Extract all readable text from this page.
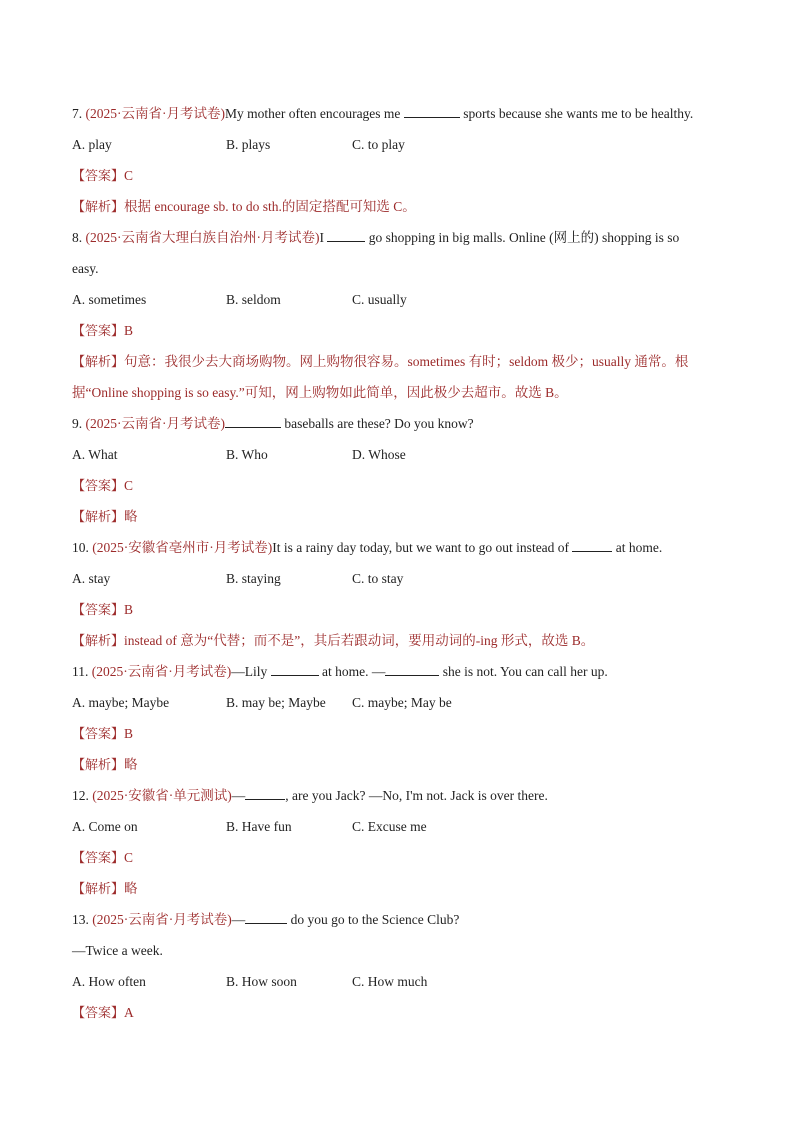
7. (2025·云南省·月考试卷)My mother often encourages me	sports because she wants me to be healthy.
A. play	B. plays	C. to play
【答案】C
【解析】根据 encourage sb. to do sth.的固定搭配可知选 C。
8. (2025·云南省大理白族自治州·月考试卷)I	go shopping in big malls. Online (网上的) shopping is so
easy.
A. sometimes	B. seldom	C. usually
【答案】B
【解析】句意：我很少去大商场购物。网上购物很容易。sometimes 有时；seldom 极少；usually 通常。根
据“Online shopping is so easy.”可知，网上购物如此简单，因此极少去超市。故选 B。
9. (2025·云南省·月考试卷)	baseballs are these? Do you know?
A. What	B. Who	D. Whose
【答案】C
【解析】略
10. (2025·安徽省亳州市·月考试卷)It is a rainy day today, but we want to go out instead of	at home.
A. stay	B. staying	C. to stay
【答案】B
【解析】instead of 意为“代替；而不是”，其后若跟动词，要用动词的-ing 形式，故选 B。
11. (2025·云南省·月考试卷)—Lily	at home. —	she is not. You can call her up.
A. maybe; Maybe	B. may be; Maybe	C. maybe; May be
【答案】B
【解析】略
12. (2025·安徽省·单元测试)—	, are you Jack? —No, I'm not. Jack is over there.
A. Come on	B. Have fun	C. Excuse me
【答案】C
【解析】略
13. (2025·云南省·月考试卷)—	do you go to the Science Club?
—Twice a week.
A. How often	B. How soon	C. How much
【答案】A
